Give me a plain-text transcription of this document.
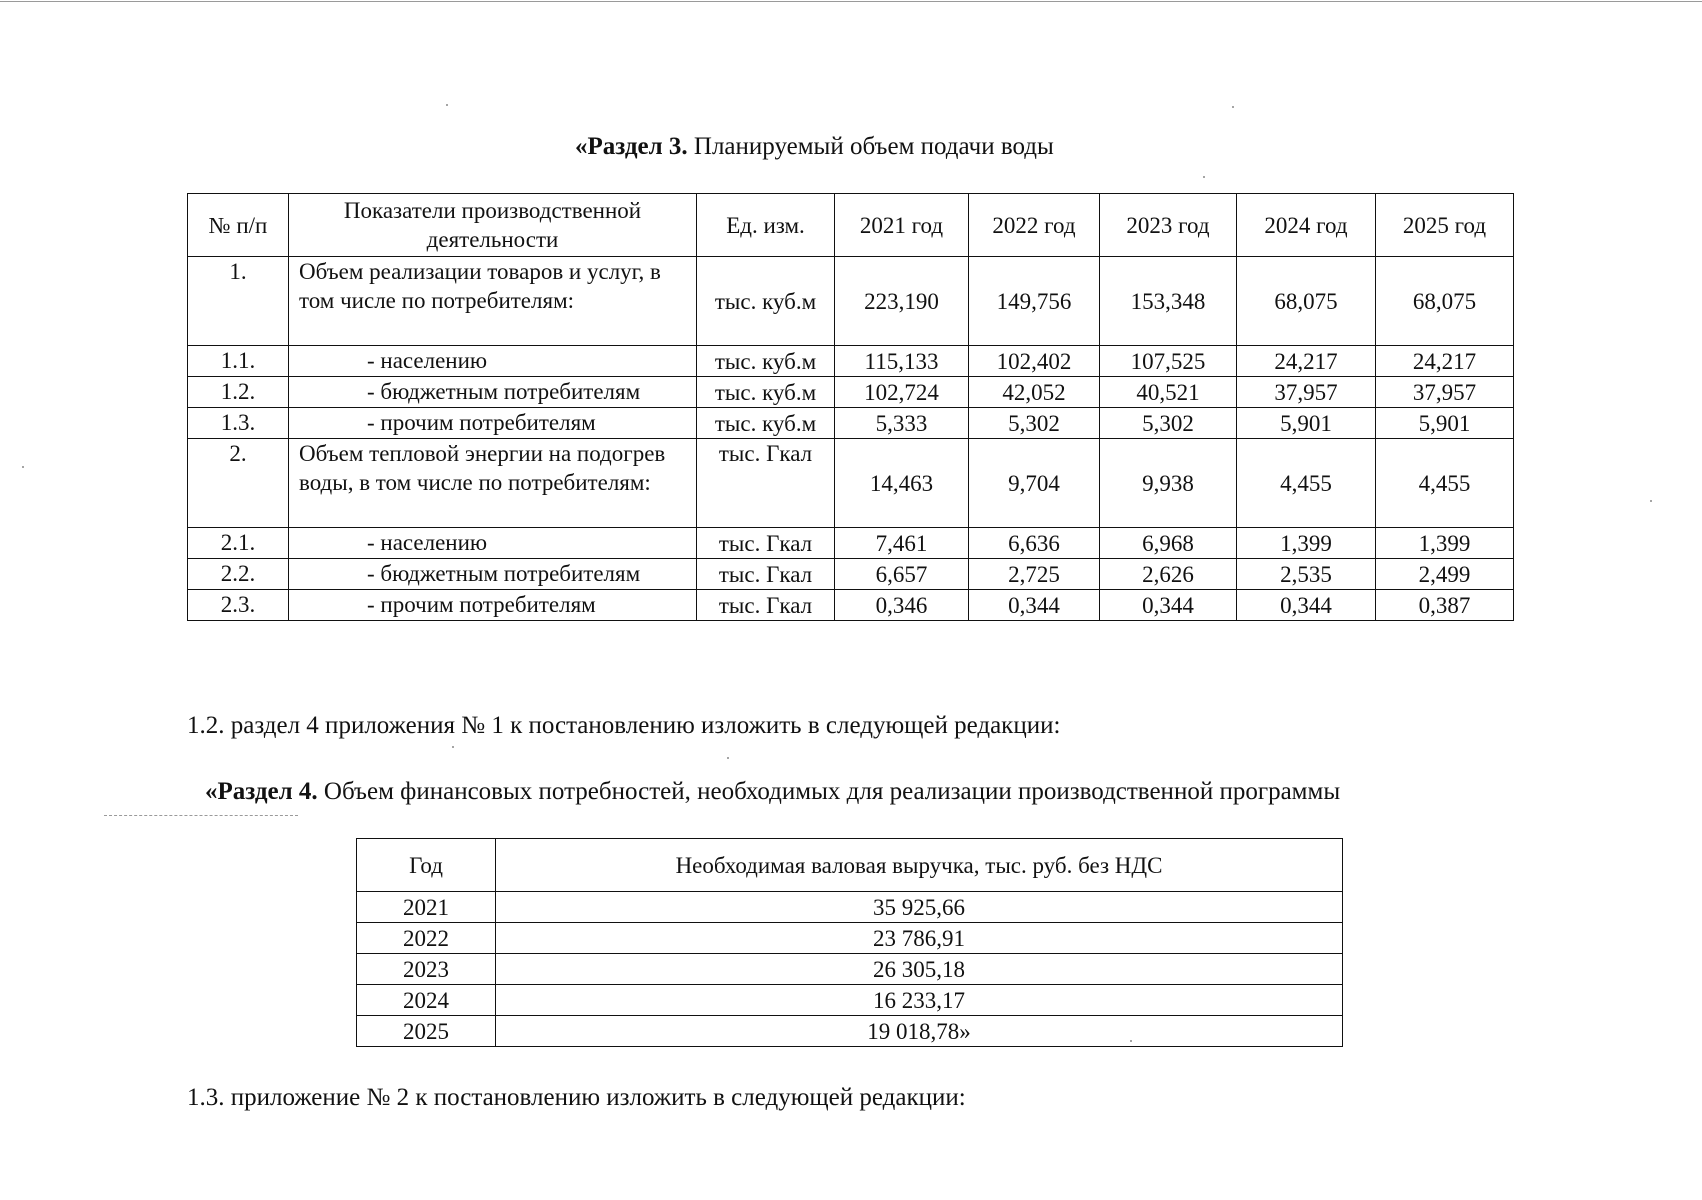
«Раздел 3. Планируемый объем подачи воды
№ п/п	Показатели производственной деятельности	Ед. изм.	2021 год	2022 год	2023 год	2024 год	2025 год
1.	Объем реализации товаров и услуг, в том числе по потребителям:	тыс. куб.м	223,190	149,756	153,348	68,075	68,075
1.1.	- населению	тыс. куб.м	115,133	102,402	107,525	24,217	24,217
1.2.	- бюджетным потребителям	тыс. куб.м	102,724	42,052	40,521	37,957	37,957
1.3.	- прочим потребителям	тыс. куб.м	5,333	5,302	5,302	5,901	5,901
2.	Объем тепловой энергии на подогрев воды, в том числе по потребителям:	тыс. Гкал	14,463	9,704	9,938	4,455	4,455
2.1.	- населению	тыс. Гкал	7,461	6,636	6,968	1,399	1,399
2.2.	- бюджетным потребителям	тыс. Гкал	6,657	2,725	2,626	2,535	2,499
2.3.	- прочим потребителям	тыс. Гкал	0,346	0,344	0,344	0,344	0,387
1.2. раздел 4 приложения № 1 к постановлению изложить в следующей редакции:
«Раздел 4. Объем финансовых потребностей, необходимых для реализации производственной программы
Год	Необходимая валовая выручка, тыс. руб. без НДС
2021	35 925,66
2022	23 786,91
2023	26 305,18
2024	16 233,17
2025	19 018,78»
1.3. приложение № 2 к постановлению изложить в следующей редакции:
